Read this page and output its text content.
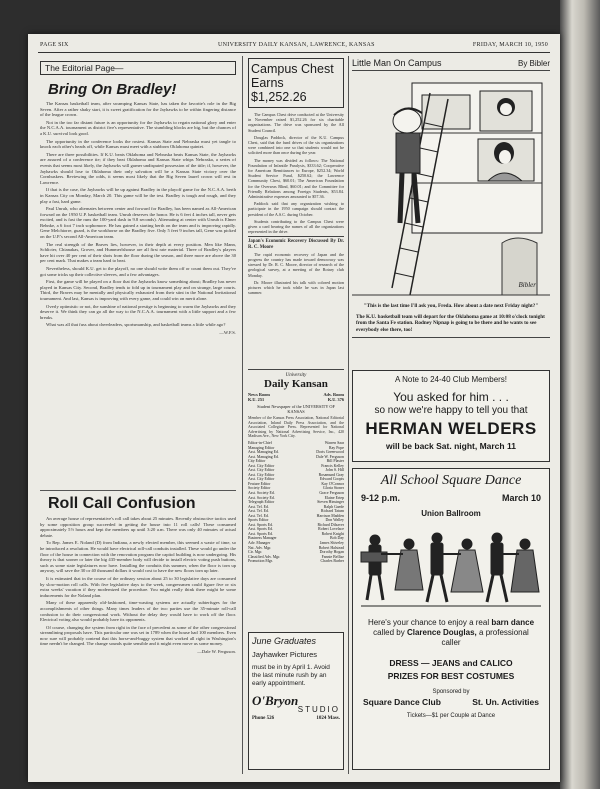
PAGE SIX	UNIVERSITY DAILY KANSAN, LAWRENCE, KANSAS	FRIDAY, MARCH 10, 1950
The Editorial Page—
Bring On Bradley!

The Kansas basketball team, after swamping Kansas State, has taken the favorite's role in the Big Seven. After a rather shaky start, it is sweet gratification for the Jayhawks to be within fingering distance of the league crown.

Not in the too far distant future is an opportunity for the Jayhawks to regain national glory and enter the N.C.A.A. tournament as district five's representative. The stumbling blocks are big, but the chances of a K.U. survival look good.

The opportunity in the conference looks the rosiest. Kansas State and Nebraska must yet tangle to knock each other's heads off, while Kansas must meet with a stubborn Oklahoma quintet.

There are three possibilities. If K.U. beats Oklahoma and Nebraska beats Kansas State, the Jayhawks are assured of a conference tie; if they beat Oklahoma and Kansas State whips Nebraska, a series of events that seems most likely, the Jayhawks will garner undisputed possession of the title; if, however, the Jayhawks should lose to Oklahoma their only salvation will be a Kansas State victory over the Cornhuskers. Reviewing the odds, it seems most likely that the Big Seven laurel crown will rest in Lawrence.

If that is the case, the Jayhawks will be up against Bradley in the playoff game for the N.C.A.A. berth in Kansas City on Monday, March 20. This game will be the test. Bradley is tough and rough, and they play a fast, hard game.

Paul Unruh, who alternates between center and forward for Bradley, has been named as All-American forward on the 1950 U.P. basketball team. Unruh deserves the honor. He is 6 feet 4 inches tall, never gets excited, and is fast the runs the 100-yard dash in 9.8 seconds). Alternating at center with Unruh is Elmer Behnke, a 6 foot 7 inch sophomore. He has gained a starting berth on the team and is improving rapidly. Gene Melchiorre, guard, is the workhorse on the Bradley five. Only 5 feet 9 inches tall, Gene was picked on the U.P.'s second All-American team.

The real strength of the Braves lies, however, in their depth at every position. Men like Mann, Schlicter, Chianakas, Grover, and Hummerlshouse are all first rate material. Three of Bradley's players have hit over 40 per cent of their shots from the floor during the season, and three more are above the 30 per cent mark. That makes a team hard to beat.

Nevertheless, should K.U. get to the playoff, no one should write them off or count them out. They've got some tricks up their collective sleeves, and a few advantages.

First, the game will be played on a floor that the Jayhawks know something about; Bradley has never played in Kansas City. Second, Bradley tends to fold up in tournament play and on strange, large courts. Third, the Braves may be mentally and physically exhausted from their stint in the National Invitational tournament. And last, Kansas is improving with every game, and could win on merit alone.

Overly optimistic or not, the sunshine of national prestige is beginning to warm the Jayhawks and they deserve it. We think they can go all the way to the N.C.A.A. tournament with a little support and a few breaks.

What was all that fuss about cheerleaders, sportsmanship, and basketball teams a little while ago?

—W.F.S.

Roll Call Confusion

An average house of representative's roll call takes about 25 minutes. Recently obstructive tactics used by some opposition group succeeded in getting the house into 11 roll calls! These consumed approximately 5½ hours and kept the members up until 3:20 a.m. There was only 40 minutes of actual debate.

To Rep. James E. Noland (D) from Indiana, a newly elected member, this seemed a waste of time, so he introduced a resolution. He would have electrical roll-call conduits installed. These would go under the floor of the house in connection with the renovation program the capitol building is now undergoing. His theory is that sooner or later the big 435-member body will decide to install electric voting push buttons, such as some state legislatures now have. Installing the conduits this summer, when the floor is torn up anyway, will save the 30 or 40 thousand dollars it would cost to have the new floors torn up later.

It is estimated that in the course of the ordinary session about 25 to 30 legislative days are consumed by slow-motion roll calls. With five legislative days to the week, congressmen could figure five or six extra weeks' vacation if they modernized the procedure. You might really think there might be some inducements for the Noland plan.

Many of these apparently old-fashioned, time-wasting systems are actually subterfuges for the accomplishments of other things. Many times leaders of the two parties use the 35-minute roll-call confusion to do their congressional work. Without the delay they would have to work off the floor. Electrical voting also would probably have its opponents.

Of course, changing the system from right in the face of precedent as some of the other congressional streamlining proposals have. This particular one was set in 1789 when the house had 100 members. Even now sure will probably contend that this horse-and-buggy system that worked all right in Washington's time needn't be changed. The change sounds quite sensible and it might even move us some money.

—Dale W. Ferguson.

Campus Chest
Earns $1,252.26

The Campus Chest drive conducted at the University in November raised $1,252.26 for six charitable organizations. The drive was sponsored by the All Student Council.

Douglas Paddock, director of the K.U. Campus Chest, said that the fund drives of the six organizations were combined into one so that students would not be solicited more than once during the year.

The money was divided as follows: The National Foundation of Infantile Paralysis, $333.62; Cooperative for American Remittances to Europe, $252.34; World Student Service Fund, $250.62; the Lawrence Community Chest, $60.01; The American Foundation for the Overseas Blind, $60.01; and the Committee for Friendly Relations among Foreign Students, $53.84. Administrative expenses amounted to $57.36.

Paddock said that any organization wishing to participate in the 1950 campaign should contact the president of the A.S.C. during October.

Students contributing to the Campus Chest were given a card bearing the names of all the organizations represented in the drive.

Japan's Economic Recovery Discussed By Dr. R. C. Moore

The rapid economic recovery of Japan and the progress the country has made toward democracy was stressed by Dr. R. C. Moore, director of research of the geological survey, at a meeting of the Rotary club Monday.

Dr. Moore illustrated his talk with colored motion pictures which he took while he was in Japan last summer.

University
Daily Kansan
News Room
K.U. 251
Adv. Room
K.U. 376
Student Newspaper of the UNIVERSITY OF KANSAS
Member of the Kansas Press Association, National Editorial Association, Inland Daily Press Association, and the Associated Collegiate Press. Represented for National Advertising by National Advertising Service, Inc., 420 Madison Ave., New York City.
Editor-in-Chief	Warren Saar
Managing Editor	Ray Pope
Asst. Managing Ed.	Doris Greenwood
Asst. Managing Ed.	Dale W. Ferguson
City Editor	Bill Plaster
Asst. City Editor	Francis Kelley
Asst. City Editor	John S. Hill
Asst. City Editor	Rosamund Gray
Asst. City Editor	Edward Coopis
Feature Editor	Kay O'Connor
Society Editor	Gloria Stoner
Asst. Society Ed.	Grace Ferguson
Asst. Society Ed.	Elaine Ertep
Telegraph Editor	Steven Hinsinger
Asst. Tel. Ed.	Ralph Gaede
Asst. Tel. Ed.	Richard Tatum
Asst. Tel. Ed.	Harrison Madden
Sports Editor	Don Walley
Asst. Sports Ed.	Richard Dilsaver
Asst. Sports Ed.	Robert Lovelace
Asst. Sports Ed.	Robert Knight
Business Manager	Bob Day
Adv. Manager	James Shiveley
Nat. Adv. Mgr.	Robert Halstead
Cir. Mgr.	Dorothy Hogan
Classified Adv. Mgr.	Fannie Bellise
Promotion Mgr.	Charles Barber
June Graduates
Jayhawker Pictures
must be in by April 1. Avoid the last minute rush by an early appointment.
O'Bryon
STUDIO
Phone 526	1024 Mass.
Little Man On Campus	By Bibler
Bibler
"This is the last time I'll ask you, Freda. How about a date next Friday night?"
The K.U. basketball team will depart for the Oklahoma game at 10:08 o'clock tonight from the Santa Fe station. Rodney Nipnap is going to be there and he wants to see everybody else there, too!
A Note to 24-40 Club Members!
You asked for him . . .
so now we're happy to tell you that
HERMAN WELDERS
will be back Sat. night, March 11
All School Square Dance
9-12 p.m.	March 10
Union Ballroom
Here's your chance to enjoy a real barn dance called by Clarence Douglas, a professional caller
DRESS — JEANS and CALICO
PRIZES FOR BEST COSTUMES
Sponsored by
Square Dance Club	St. Un. Activities
Tickets—$1 per Couple at Dance
